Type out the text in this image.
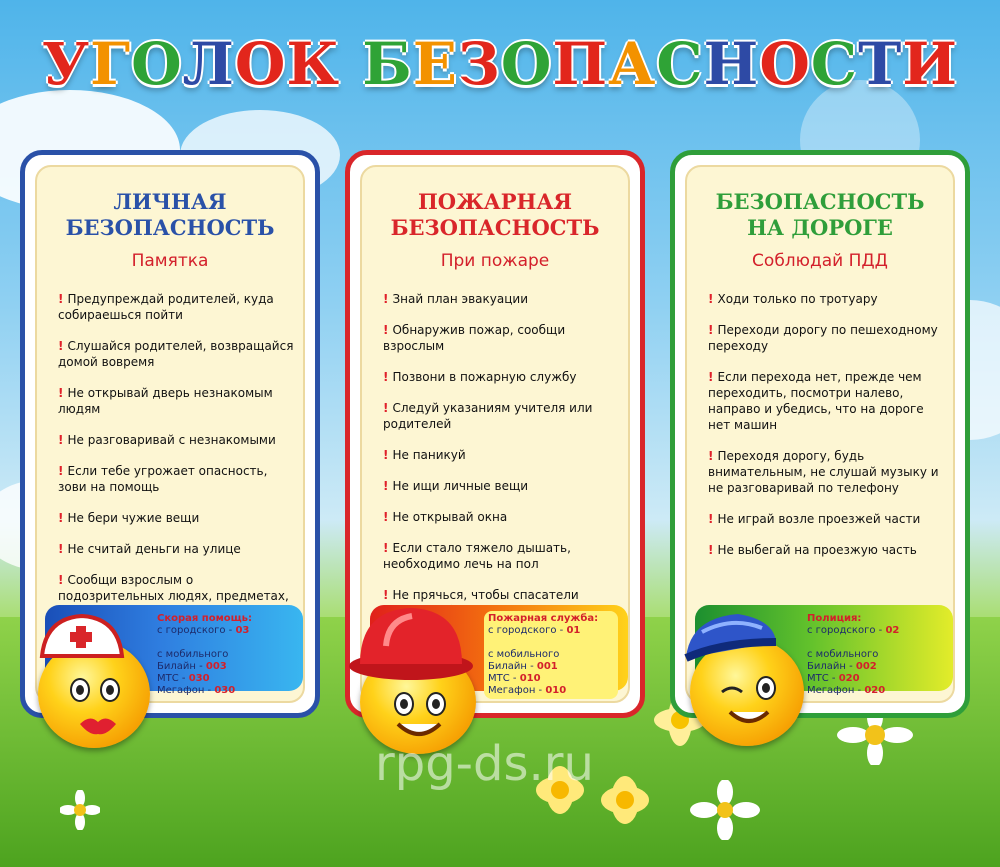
УГОЛОК БЕЗОПАСНОСТИ
ЛИЧНАЯ
БЕЗОПАСНОСТЬ
Памятка
! Предупреждай родителей, куда собираешься пойти
! Слушайся родителей, возвращайся домой вовремя
! Не открывай дверь незнакомым людям
! Не разговаривай с незнакомыми
! Если тебе угрожает опасность, зови на помощь
! Не бери чужие вещи
! Не считай деньги на улице
! Сообщи взрослым о подозрительных людях, предметах,
Скорая помощь:
с городского - 03
с мобильного
Билайн - 003
МТС - 030
Мегафон - 030
ПОЖАРНАЯ
БЕЗОПАСНОСТЬ
При пожаре
! Знай план эвакуации
! Обнаружив пожар, сообщи взрослым
! Позвони в пожарную службу
! Следуй указаниям учителя или родителей
! Не паникуй
! Не ищи личные вещи
! Не открывай окна
! Если стало тяжело дышать, необходимо лечь на пол
! Не прячься, чтобы спасатели
Пожарная служба:
с городского - 01
с мобильного
Билайн - 001
МТС - 010
Мегафон - 010
БЕЗОПАСНОСТЬ
НА ДОРОГЕ
Соблюдай ПДД
! Ходи только по тротуару
! Переходи дорогу по пешеходному переходу
! Если перехода нет, прежде чем переходить, посмотри налево, направо и убедись, что на дороге нет машин
! Переходя дорогу, будь внимательным, не слушай музыку и не разговаривай по телефону
! Не играй возле проезжей части
! Не выбегай на проезжую часть
Полиция:
с городского - 02
с мобильного
Билайн - 002
МТС - 020
Мегафон - 020
rpg-ds.ru
